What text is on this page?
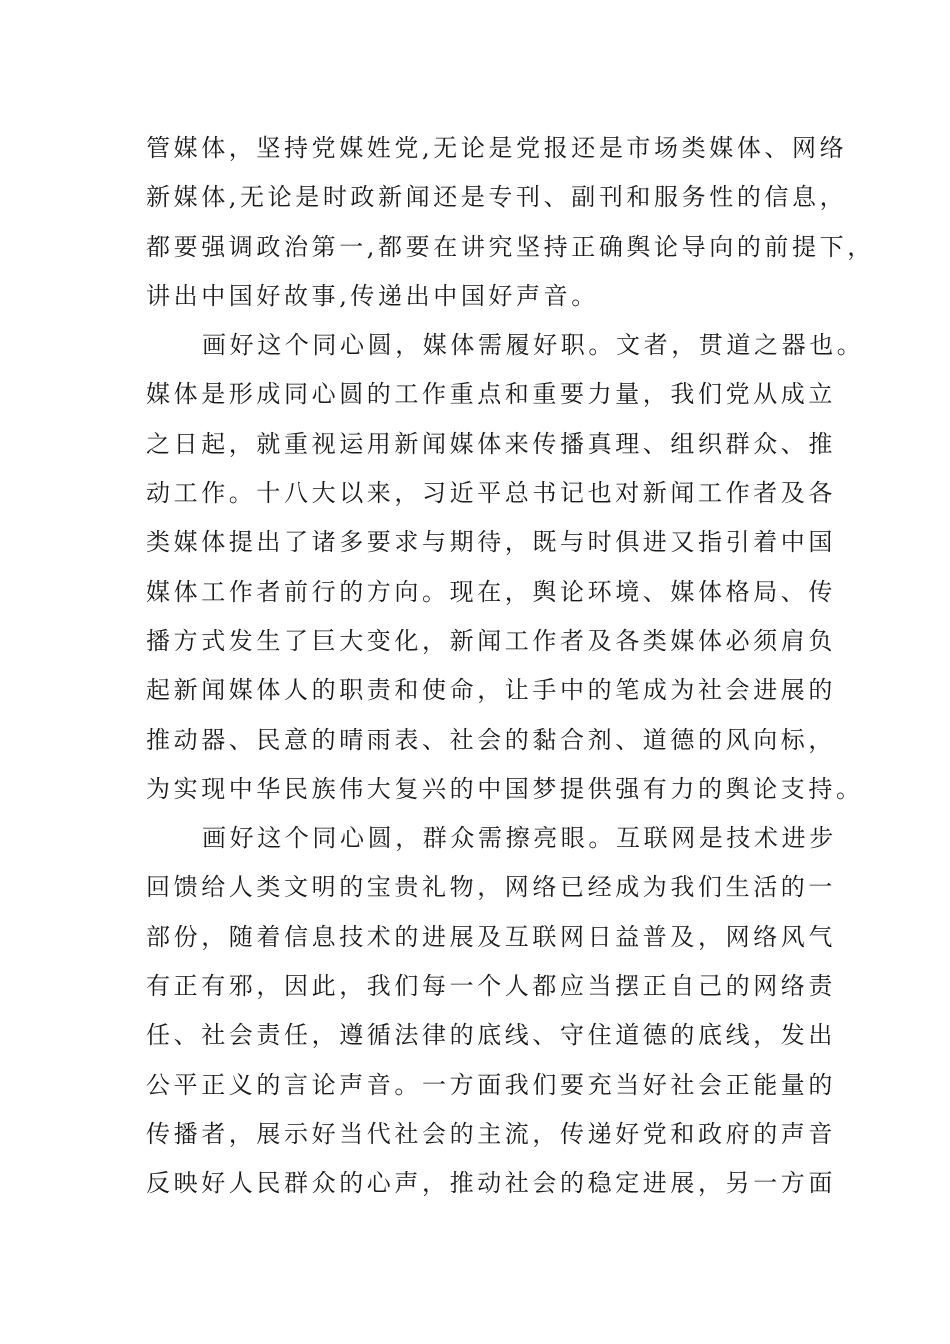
管媒体，坚持党媒姓党,无论是党报还是市场类媒体、网络
新媒体,无论是时政新闻还是专刊、副刊和服务性的信息，
都要强调政治第一,都要在讲究坚持正确舆论导向的前提下，
讲出中国好故事,传递出中国好声音。
画好这个同心圆，媒体需履好职。文者，贯道之器也。
媒体是形成同心圆的工作重点和重要力量，我们党从成立
之日起，就重视运用新闻媒体来传播真理、组织群众、推
动工作。十八大以来，习近平总书记也对新闻工作者及各
类媒体提出了诸多要求与期待，既与时俱进又指引着中国
媒体工作者前行的方向。现在，舆论环境、媒体格局、传
播方式发生了巨大变化，新闻工作者及各类媒体必须肩负
起新闻媒体人的职责和使命，让手中的笔成为社会进展的
推动器、民意的晴雨表、社会的黏合剂、道德的风向标，
为实现中华民族伟大复兴的中国梦提供强有力的舆论支持。
画好这个同心圆，群众需擦亮眼。互联网是技术进步
回馈给人类文明的宝贵礼物，网络已经成为我们生活的一
部份，随着信息技术的进展及互联网日益普及，网络风气
有正有邪，因此，我们每一个人都应当摆正自己的网络责
任、社会责任，遵循法律的底线、守住道德的底线，发出
公平正义的言论声音。一方面我们要充当好社会正能量的
传播者，展示好当代社会的主流，传递好党和政府的声音
反映好人民群众的心声，推动社会的稳定进展，另一方面
